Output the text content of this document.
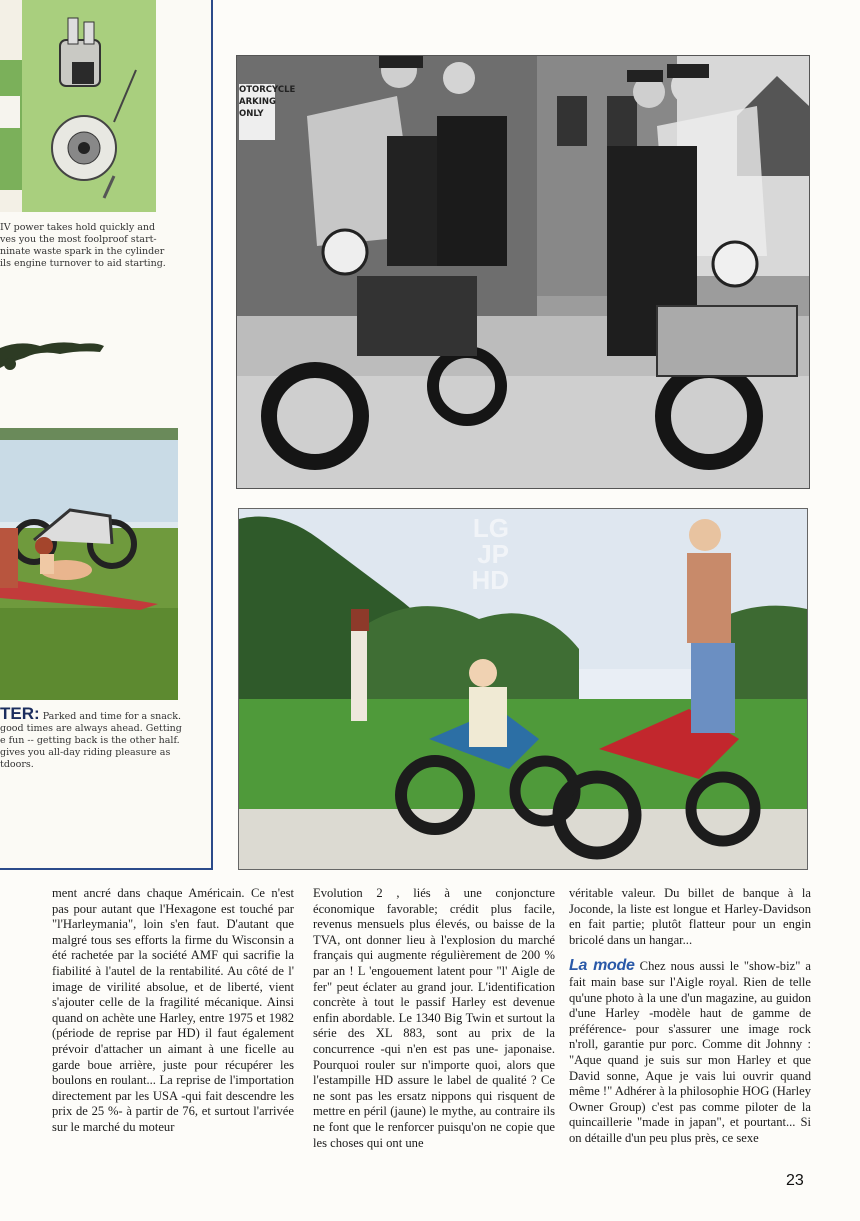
IV power takes hold quickly and
ves you the most foolproof start-
ninate waste spark in the cylinder
ils engine turnover to aid starting.

TER: Parked and time for a snack.
good times are always ahead. Getting
e fun -- getting back is the other half.
gives you all-day riding pleasure as
tdoors.

OTORCYCLE
ARKING
ONLY
LG
JP
HD

ment ancré dans chaque Américain. Ce n'est pas pour autant que l'Hexagone est touché par "l'Harleymania", loin s'en faut. D'autant que malgré tous ses efforts la firme du Wisconsin a été rachetée par la société AMF qui sacrifie la fiabilité à l'autel de la rentabilité. Au côté de l' image de virilité absolue, et de liberté, vient s'ajouter celle de la fragilité mécanique. Ainsi quand on achète une Harley, entre 1975 et 1982 (période de reprise par HD) il faut également prévoir d'attacher un aimant à une ficelle au garde boue arrière, juste pour récupérer les boulons en roulant... La reprise de l'importation directement par les USA -qui fait descendre les prix de 25 %- à partir de 76, et surtout l'arrivée sur le marché du moteur

Evolution 2 , liés à une conjoncture économique favorable; crédit plus facile, revenus mensuels plus élevés, ou baisse de la TVA, ont donner lieu à l'explosion du marché français qui augmente régulièrement de 200 % par an ! L 'engouement latent pour "l' Aigle de fer" peut éclater au grand jour. L'identification concrète à tout le passif Harley est devenue enfin abordable. Le 1340 Big Twin et surtout la série des XL 883, sont au prix de la concurrence -qui n'en est pas une- japonaise. Pourquoi rouler sur n'importe quoi, alors que l'estampille HD assure le label de qualité ? Ce ne sont pas les ersatz nippons qui risquent de mettre en péril (jaune) le mythe, au contraire ils ne font que le renforcer puisqu'on ne copie que les choses qui ont une

véritable valeur. Du billet de banque à la Joconde, la liste est longue et Harley-Davidson en fait partie; plutôt flatteur pour un engin bricolé dans un hangar...

La mode Chez nous aussi le "show-biz" a fait main base sur l'Aigle royal. Rien de telle qu'une photo à la une d'un magazine, au guidon d'une Harley -modèle haut de gamme de préférence- pour s'assurer une image rock n'roll, garantie pur porc. Comme dit Johnny : "Aque quand je suis sur mon Harley et que David sonne, Aque je vais lui ouvrir quand même !" Adhérer à la philosophie HOG (Harley Owner Group) c'est pas comme piloter de la quincaillerie "made in japan", et pourtant... Si on détaille d'un peu plus près, ce sexe

23
